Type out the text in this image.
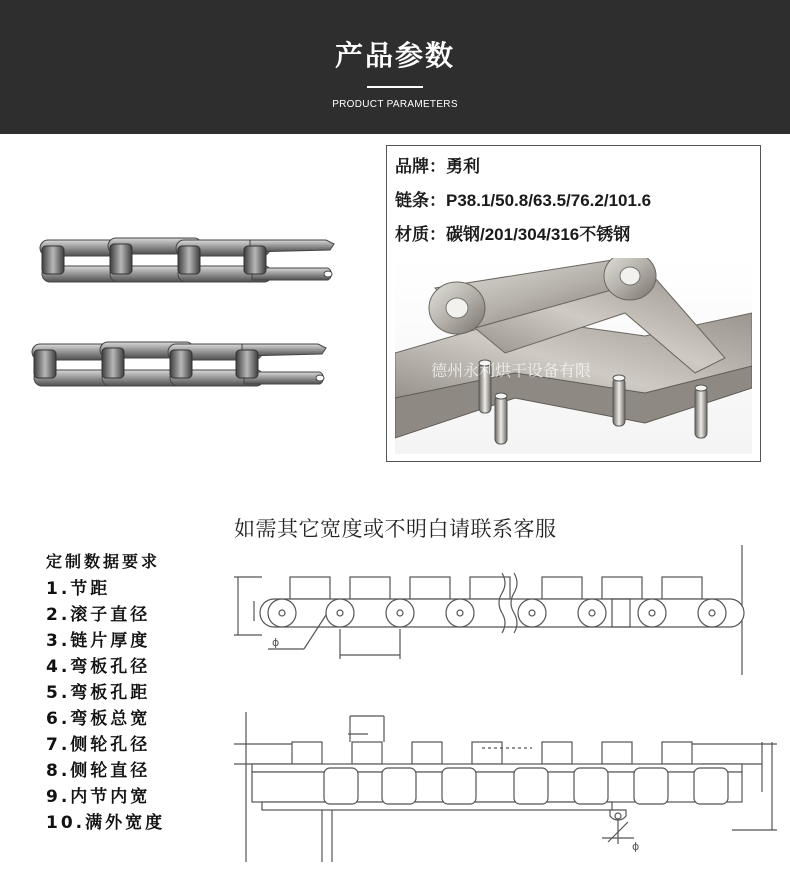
产品参数
PRODUCT PARAMETERS
品牌：勇利
链条：P38.1/50.8/63.5/76.2/101.6
材质：碳钢/201/304/316不锈钢
德州永利烘干设备有限
如需其它宽度或不明白请联系客服
定制数据要求
1.节距
2.滚子直径
3.链片厚度
4.弯板孔径
5.弯板孔距
6.弯板总宽
7.侧轮孔径
8.侧轮直径
9.内节内宽
10.满外宽度
ϕ
ϕ
